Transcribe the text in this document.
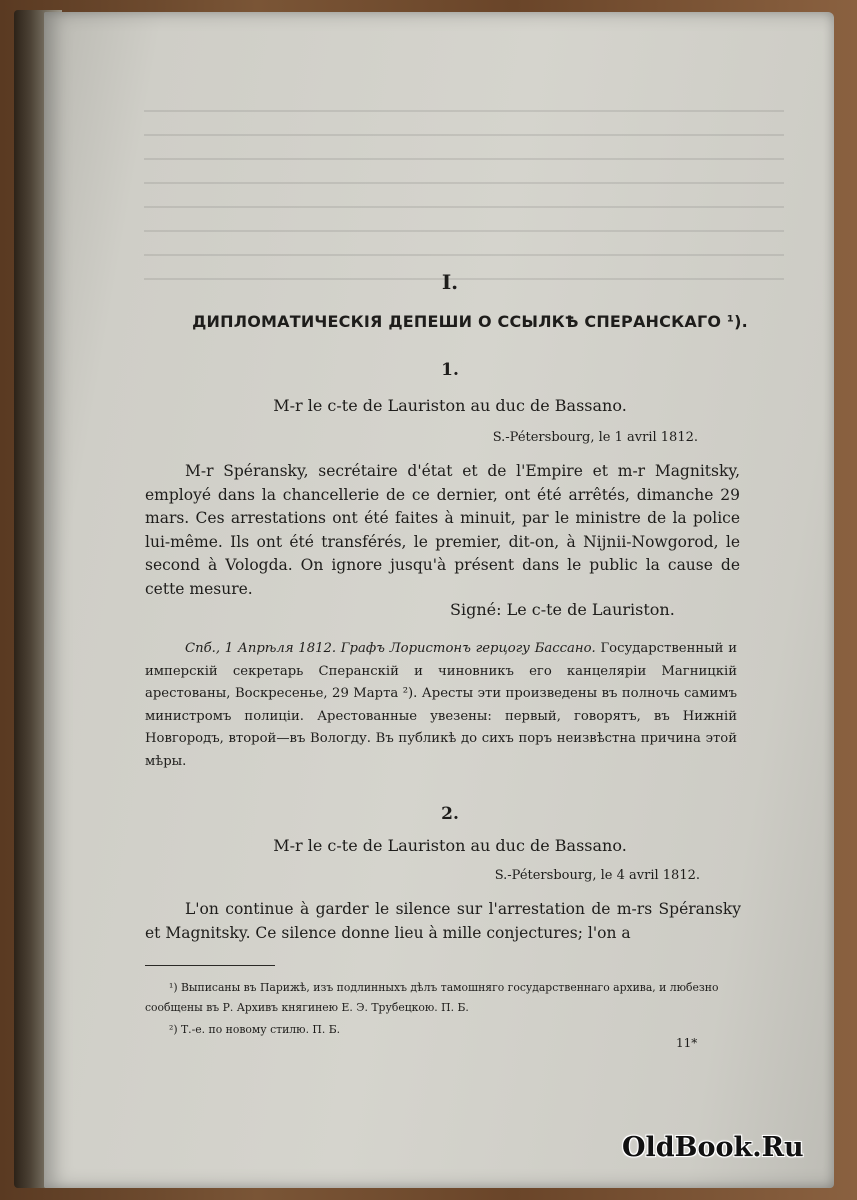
I.

ДИПЛОМАТИЧЕСКІЯ ДЕПЕШИ О ССЫЛКѢ СПЕРАНСКАГО ¹).

1.

M-r le c-te de Lauriston au duc de Bassano.

S.-Pétersbourg, le 1 avril 1812.

M-r Spéransky, secrétaire d'état et de l'Empire et m-r Magnitsky, employé dans la chancellerie de ce dernier, ont été arrêtés, dimanche 29 mars. Ces arrestations ont été faites à minuit, par le ministre de la police lui-même. Ils ont été transférés, le premier, dit-on, à Nijnii-Nowgorod, le second à Vologda. On ignore jusqu'à présent dans le public la cause de cette mesure.

Signé: Le c-te de Lauriston.

Спб., 1 Апрѣля 1812. Графъ Лористонъ герцогу Бассано. Государственный и имперскій секретарь Сперанскій и чиновникъ его канцеляріи Магницкій арестованы, Воскресенье, 29 Марта ²). Аресты эти произведены въ полночь самимъ министромъ полиціи. Арестованные увезены: первый, говорятъ, въ Нижній Новгородъ, второй—въ Вологду. Въ публикѣ до сихъ поръ неизвѣстна причина этой мѣры.

2.

M-r le c-te de Lauriston au duc de Bassano.

S.-Pétersbourg, le 4 avril 1812.

L'on continue à garder le silence sur l'arrestation de m-rs Spéransky et Magnitsky. Ce silence donne lieu à mille conjectures; l'on a

¹) Выписаны въ Парижѣ, изъ подлинныхъ дѣлъ тамошняго государственнаго архива, и любезно сообщены въ Р. Архивъ княгинею Е. Э. Трубецкою. П. Б.

²) Т.-е. по новому стилю. П. Б.

11*

OldBook.Ru
